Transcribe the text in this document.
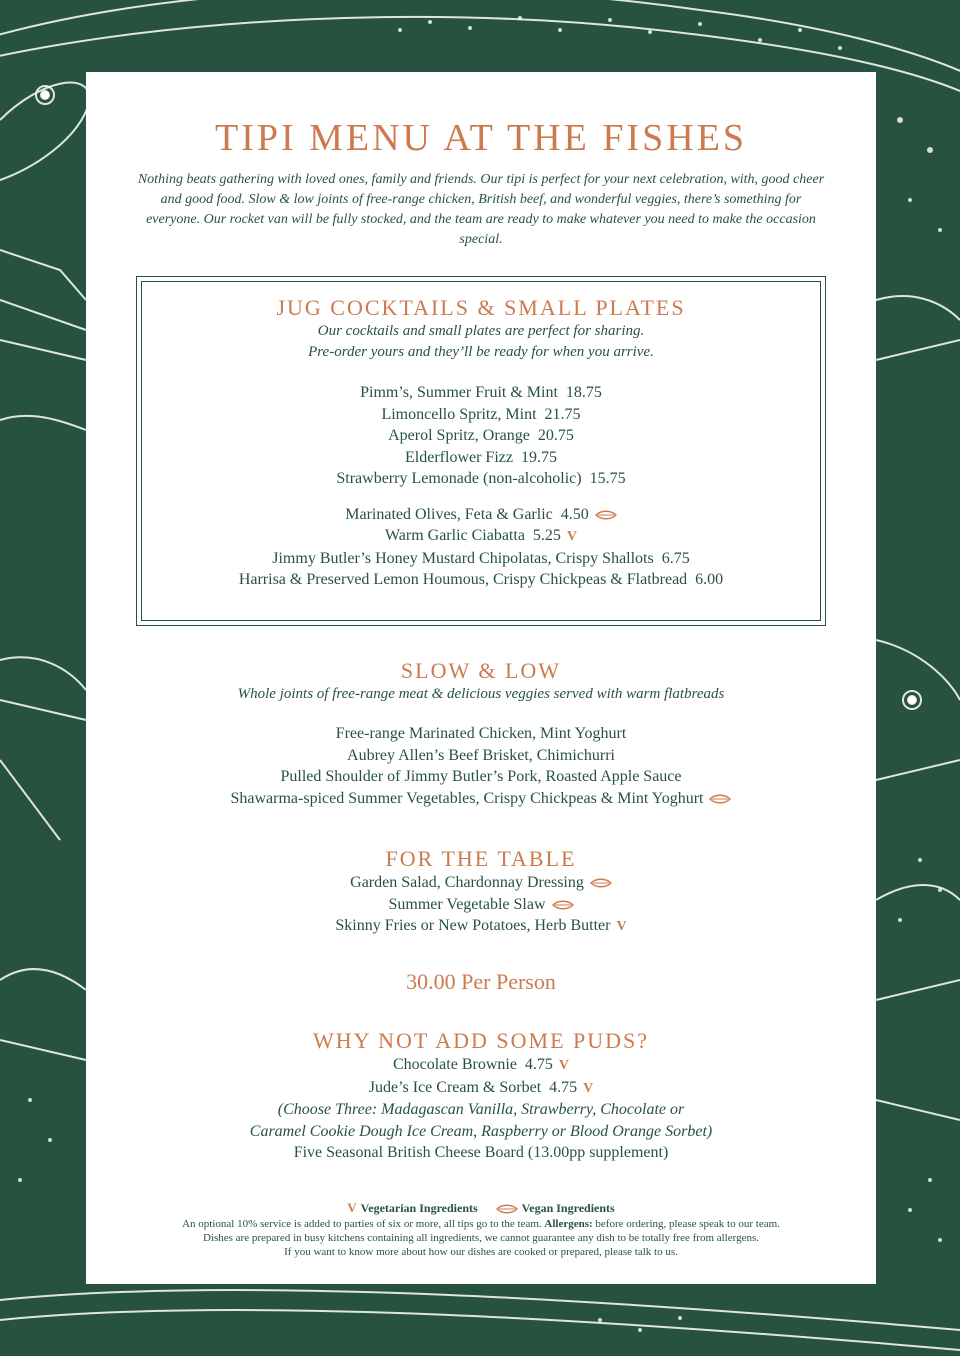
TIPI MENU AT THE FISHES

Nothing beats gathering with loved ones, family and friends. Our tipi is perfect for your next celebration, with, good cheer and good food. Slow & low joints of free-range chicken, British beef, and wonderful veggies, there’s something for everyone. Our rocket van will be fully stocked, and the team are ready to make whatever you need to make the occasion special.

JUG COCKTAILS & SMALL PLATES

Our cocktails and small plates are perfect for sharing.

Pre-order yours and they’ll be ready for when you arrive.

Pimm’s, Summer Fruit & Mint 18.75

Limoncello Spritz, Mint 21.75

Aperol Spritz, Orange 20.75

Elderflower Fizz 19.75

Strawberry Lemonade (non-alcoholic) 15.75

Marinated Olives, Feta & Garlic 4.50

Warm Garlic Ciabatta 5.25 V

Jimmy Butler’s Honey Mustard Chipolatas, Crispy Shallots 6.75

Harrisa & Preserved Lemon Houmous, Crispy Chickpeas & Flatbread 6.00

SLOW & LOW

Whole joints of free-range meat & delicious veggies served with warm flatbreads

Free-range Marinated Chicken, Mint Yoghurt

Aubrey Allen’s Beef Brisket, Chimichurri

Pulled Shoulder of Jimmy Butler’s Pork, Roasted Apple Sauce

Shawarma-spiced Summer Vegetables, Crispy Chickpeas & Mint Yoghurt

FOR THE TABLE

Garden Salad, Chardonnay Dressing

Summer Vegetable Slaw

Skinny Fries or New Potatoes, Herb Butter V

30.00 Per Person

WHY NOT ADD SOME PUDS?

Chocolate Brownie 4.75 V

Jude’s Ice Cream & Sorbet 4.75 V

(Choose Three: Madagascan Vanilla, Strawberry, Chocolate or

Caramel Cookie Dough Ice Cream, Raspberry or Blood Orange Sorbet)

Five Seasonal British Cheese Board (13.00pp supplement)

V Vegetarian Ingredients	Vegan Ingredients

An optional 10% service is added to parties of six or more, all tips go to the team. Allergens: before ordering, please speak to our team.

Dishes are prepared in busy kitchens containing all ingredients, we cannot guarantee any dish to be totally free from allergens.

If you want to know more about how our dishes are cooked or prepared, please talk to us.
